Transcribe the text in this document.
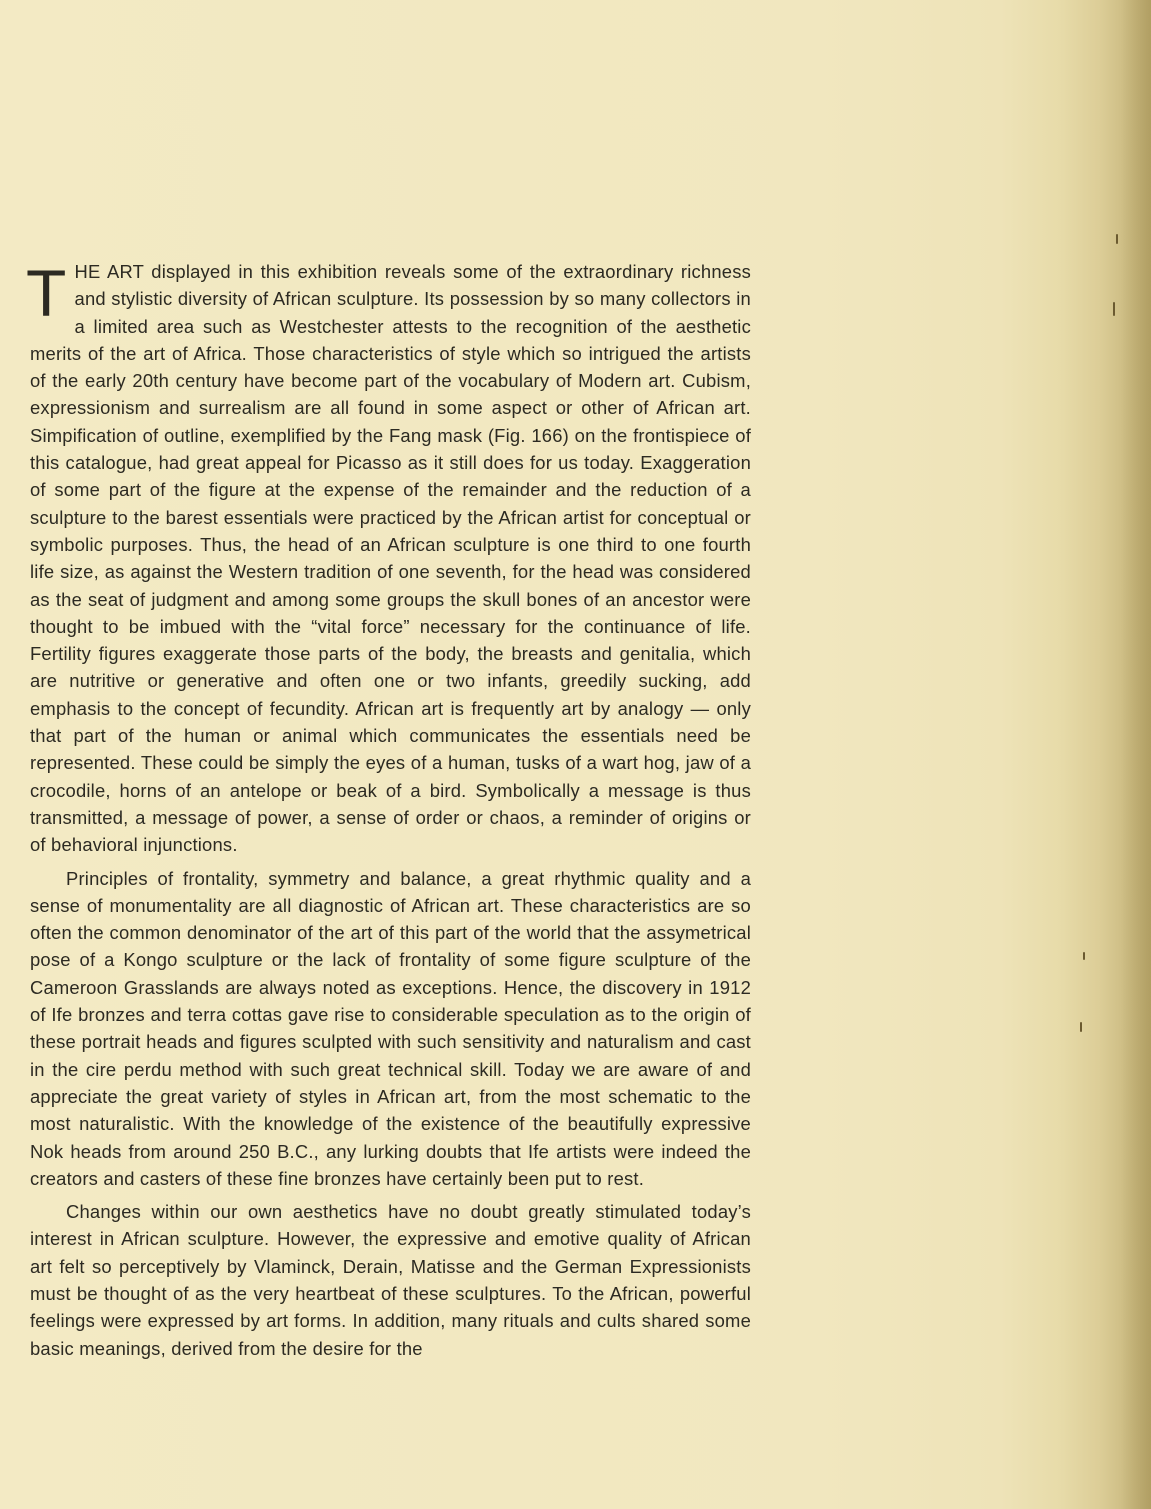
THE ART displayed in this exhibition reveals some of the extraordinary richness and stylistic diversity of African sculpture. Its possession by so many collectors in a limited area such as Westchester attests to the recognition of the aesthetic merits of the art of Africa. Those characteristics of style which so intrigued the artists of the early 20th century have become part of the vocabulary of Modern art. Cubism, expressionism and surrealism are all found in some aspect or other of African art. Simpification of outline, exemplified by the Fang mask (Fig. 166) on the frontispiece of this catalogue, had great appeal for Picasso as it still does for us today. Exaggeration of some part of the figure at the expense of the remainder and the reduction of a sculpture to the barest essentials were practiced by the African artist for conceptual or symbolic purposes. Thus, the head of an African sculpture is one third to one fourth life size, as against the Western tradition of one seventh, for the head was considered as the seat of judgment and among some groups the skull bones of an ancestor were thought to be imbued with the “vital force” necessary for the continuance of life. Fertility figures exaggerate those parts of the body, the breasts and genitalia, which are nutritive or generative and often one or two infants, greedily sucking, add emphasis to the concept of fecundity. African art is frequently art by analogy — only that part of the human or animal which communicates the essentials need be represented. These could be simply the eyes of a human, tusks of a wart hog, jaw of a crocodile, horns of an antelope or beak of a bird. Symbolically a message is thus transmitted, a message of power, a sense of order or chaos, a reminder of origins or of behavioral injunctions.

Principles of frontality, symmetry and balance, a great rhythmic quality and a sense of monumentality are all diagnostic of African art. These characteristics are so often the common denominator of the art of this part of the world that the assymetrical pose of a Kongo sculpture or the lack of frontality of some figure sculpture of the Cameroon Grasslands are always noted as exceptions. Hence, the discovery in 1912 of Ife bronzes and terra cottas gave rise to considerable speculation as to the origin of these portrait heads and figures sculpted with such sensitivity and naturalism and cast in the cire perdu method with such great technical skill. Today we are aware of and appreciate the great variety of styles in African art, from the most schematic to the most naturalistic. With the knowledge of the existence of the beautifully expressive Nok heads from around 250 B.C., any lurking doubts that Ife artists were indeed the creators and casters of these fine bronzes have certainly been put to rest.

Changes within our own aesthetics have no doubt greatly stimulated today’s interest in African sculpture. However, the expressive and emotive quality of African art felt so perceptively by Vlaminck, Derain, Matisse and the German Expressionists must be thought of as the very heartbeat of these sculptures. To the African, powerful feelings were expressed by art forms. In addition, many rituals and cults shared some basic meanings, derived from the desire for the
